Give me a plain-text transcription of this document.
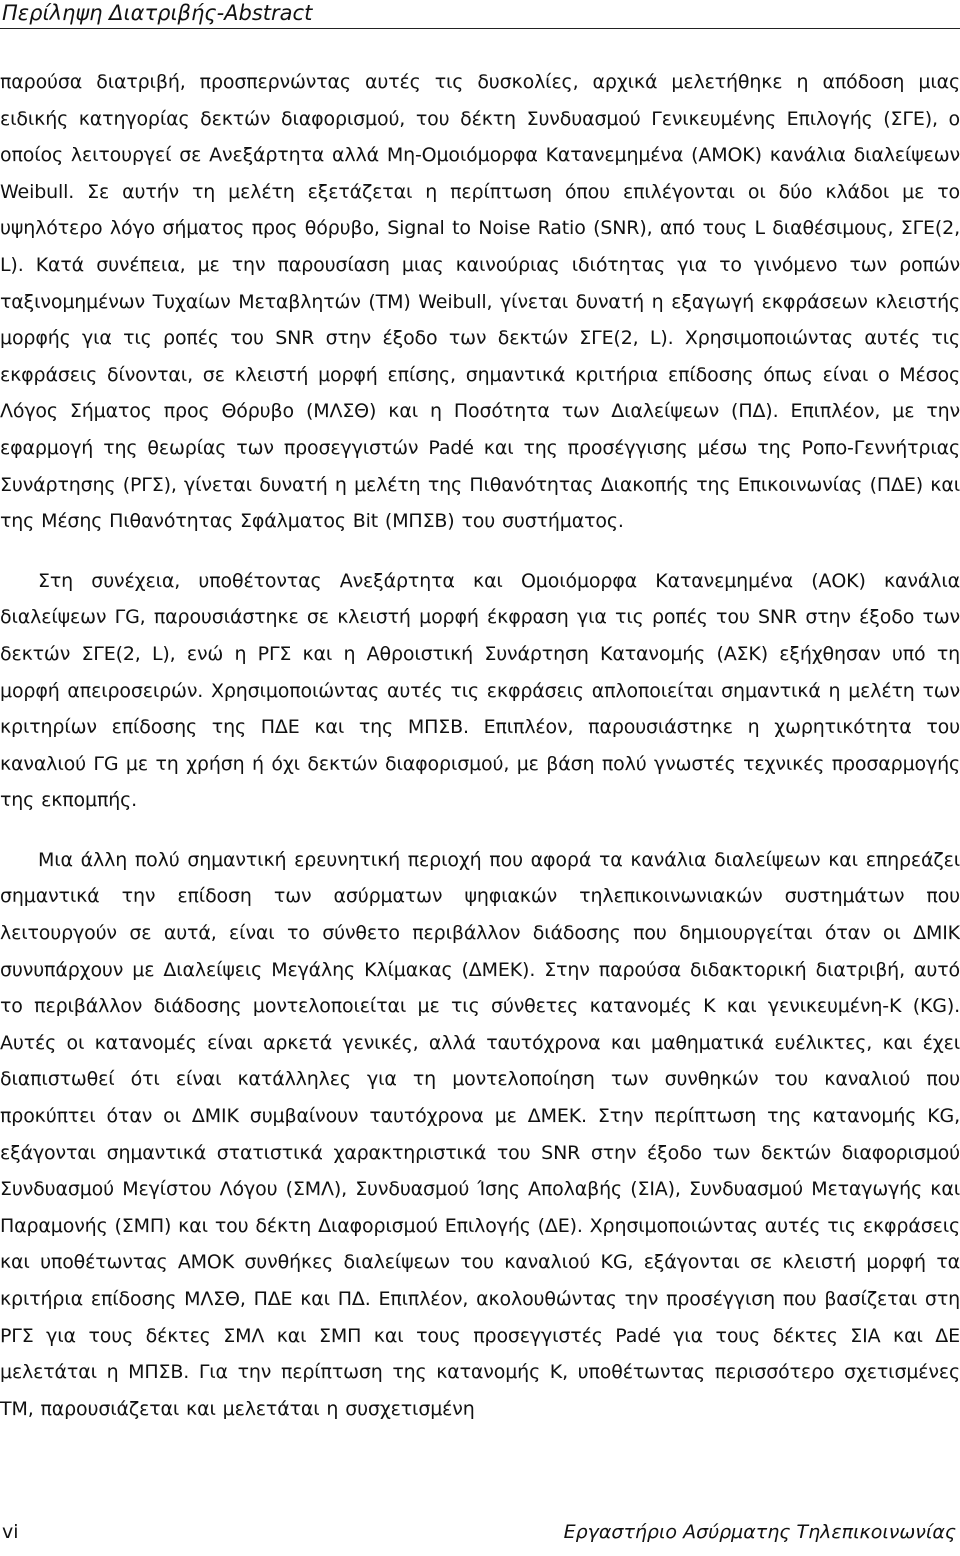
Περίληψη Διατριβής-Abstract

παρούσα διατριβή, προσπερνώντας αυτές τις δυσκολίες, αρχικά μελετήθηκε η απόδοση μιας ειδικής κατηγορίας δεκτών διαφορισμού, του δέκτη Συνδυασμού Γενικευμένης Επιλογής (ΣΓΕ), ο οποίος λειτουργεί σε Ανεξάρτητα αλλά Μη-Ομοιόμορφα Κατανεμημένα (ΑΜΟΚ) κανάλια διαλείψεων Weibull. Σε αυτήν τη μελέτη εξετάζεται η περίπτωση όπου επιλέγονται οι δύο κλάδοι με το υψηλότερο λόγο σήματος προς θόρυβο, Signal to Noise Ratio (SNR), από τους L διαθέσιμους, ΣΓΕ(2, L). Κατά συνέπεια, με την παρουσίαση μιας καινούριας ιδιότητας για το γινόμενο των ροπών ταξινομημένων Τυχαίων Μεταβλητών (ΤΜ) Weibull, γίνεται δυνατή η εξαγωγή εκφράσεων κλειστής μορφής για τις ροπές του SNR στην έξοδο των δεκτών ΣΓΕ(2, L). Χρησιμοποιώντας αυτές τις εκφράσεις δίνονται, σε κλειστή μορφή επίσης, σημαντικά κριτήρια επίδοσης όπως είναι ο Μέσος Λόγος Σήματος προς Θόρυβο (ΜΛΣΘ) και η Ποσότητα των Διαλείψεων (ΠΔ). Επιπλέον, με την εφαρμογή της θεωρίας των προσεγγιστών Padé και της προσέγγισης μέσω της Ροπο-Γεννήτριας Συνάρτησης (ΡΓΣ), γίνεται δυνατή η μελέτη της Πιθανότητας Διακοπής της Επικοινωνίας (ΠΔΕ) και της Μέσης Πιθανότητας Σφάλματος Bit (ΜΠΣΒ) του συστήματος.

Στη συνέχεια, υποθέτοντας Ανεξάρτητα και Ομοιόμορφα Κατανεμημένα (ΑΟΚ) κανάλια διαλείψεων ΓG, παρουσιάστηκε σε κλειστή μορφή έκφραση για τις ροπές του SNR στην έξοδο των δεκτών ΣΓΕ(2, L), ενώ η ΡΓΣ και η Αθροιστική Συνάρτηση Κατανομής (ΑΣΚ) εξήχθησαν υπό τη μορφή απειροσειρών. Χρησιμοποιώντας αυτές τις εκφράσεις απλοποιείται σημαντικά η μελέτη των κριτηρίων επίδοσης της ΠΔΕ και της ΜΠΣΒ. Επιπλέον, παρουσιάστηκε η χωρητικότητα του καναλιού ΓG με τη χρήση ή όχι δεκτών διαφορισμού, με βάση πολύ γνωστές τεχνικές προσαρμογής της εκπομπής.

Μια άλλη πολύ σημαντική ερευνητική περιοχή που αφορά τα κανάλια διαλείψεων και επηρεάζει σημαντικά την επίδοση των ασύρματων ψηφιακών τηλεπικοινωνιακών συστημάτων που λειτουργούν σε αυτά, είναι το σύνθετο περιβάλλον διάδοσης που δημιουργείται όταν οι ΔΜΙΚ συνυπάρχουν με Διαλείψεις Μεγάλης Κλίμακας (ΔΜΕΚ). Στην παρούσα διδακτορική διατριβή, αυτό το περιβάλλον διάδοσης μοντελοποιείται με τις σύνθετες κατανομές K και γενικευμένη-K (KG). Αυτές οι κατανομές είναι αρκετά γενικές, αλλά ταυτόχρονα και μαθηματικά ευέλικτες, και έχει διαπιστωθεί ότι είναι κατάλληλες για τη μοντελοποίηση των συνθηκών του καναλιού που προκύπτει όταν οι ΔΜΙΚ συμβαίνουν ταυτόχρονα με ΔΜΕΚ. Στην περίπτωση της κατανομής KG, εξάγονται σημαντικά στατιστικά χαρακτηριστικά του SNR στην έξοδο των δεκτών διαφορισμού Συνδυασμού Μεγίστου Λόγου (ΣΜΛ), Συνδυασμού Ίσης Απολαβής (ΣΙΑ), Συνδυασμού Μεταγωγής και Παραμονής (ΣΜΠ) και του δέκτη Διαφορισμού Επιλογής (ΔΕ). Χρησιμοποιώντας αυτές τις εκφράσεις και υποθέτωντας ΑΜΟΚ συνθήκες διαλείψεων του καναλιού KG, εξάγονται σε κλειστή μορφή τα κριτήρια επίδοσης ΜΛΣΘ, ΠΔΕ και ΠΔ. Επιπλέον, ακολουθώντας την προσέγγιση που βασίζεται στη ΡΓΣ για τους δέκτες ΣΜΛ και ΣΜΠ και τους προσεγγιστές Padé για τους δέκτες ΣΙΑ και ΔΕ μελετάται η ΜΠΣΒ. Για την περίπτωση της κατανομής K, υποθέτωντας περισσότερο σχετισμένες ΤΜ, παρουσιάζεται και μελετάται η συσχετισμένη

vi	Εργαστήριο Ασύρματης Τηλεπικοινωνίας
